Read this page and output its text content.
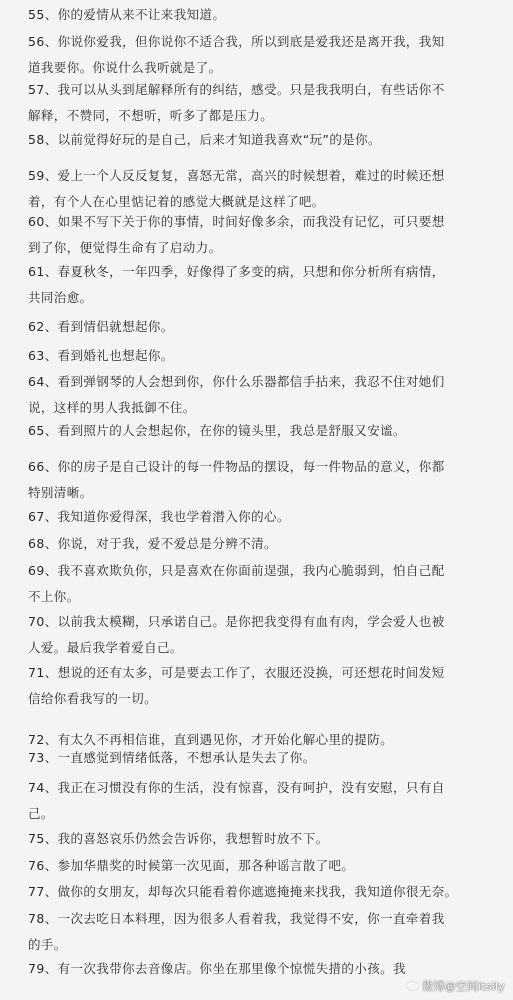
55、你的爱情从来不让来我知道。

56、你说你爱我，但你说你不适合我，所以到底是爱我还是离开我，我知
道我要你。你说什么我听就是了。

57、我可以从头到尾解释所有的纠结，感受。只是我我明白，有些话你不
解释，不赞同，不想听，听多了都是压力。

58、以前觉得好玩的是自己，后来才知道我喜欢“玩”的是你。

59、爱上一个人反反复复，喜怒无常，高兴的时候想着，难过的时候还想
着，有个人在心里惦记着的感觉大概就是这样了吧。

60、如果不写下关于你的事情，时间好像多余，而我没有记忆，可只要想
到了你，便觉得生命有了启动力。

61、春夏秋冬，一年四季，好像得了多变的病，只想和你分析所有病情，
共同治愈。

62、看到情侣就想起你。

63、看到婚礼也想起你。

64、看到弹钢琴的人会想到你，你什么乐器都信手拈来，我忍不住对她们
说，这样的男人我抵御不住。

65、看到照片的人会想起你，在你的镜头里，我总是舒服又安谧。

66、你的房子是自己设计的每一件物品的摆设，每一件物品的意义，你都
特别清晰。

67、我知道你爱得深，我也学着潜入你的心。

68、你说，对于我，爱不爱总是分辨不清。

69、我不喜欢欺负你，只是喜欢在你面前逞强，我内心脆弱到，怕自己配
不上你。

70、以前我太模糊，只承诺自己。是你把我变得有血有肉，学会爱人也被
人爱。最后我学着爱自己。

71、想说的还有太多，可是要去工作了，衣服还没换，可还想花时间发短
信给你看我写的一切。

72、有太久不再相信谁，直到遇见你，才开始化解心里的提防。

73、一直感觉到情绪低落，不想承认是失去了你。

74、我正在习惯没有你的生活，没有惊喜，没有呵护，没有安慰，只有自
己。

75、我的喜怒哀乐仍然会告诉你，我想暂时放不下。

76、参加华鼎奖的时候第一次见面，那各种谣言散了吧。

77、做你的女朋友，却每次只能看着你遮遮掩掩来找我，我知道你很无奈。

78、一次去吃日本料理，因为很多人看着我，我觉得不安，你一直牵着我
的手。

79、有一次我带你去音像店。你坐在那里像个惊慌失措的小孩。我

微博@空间itsily
